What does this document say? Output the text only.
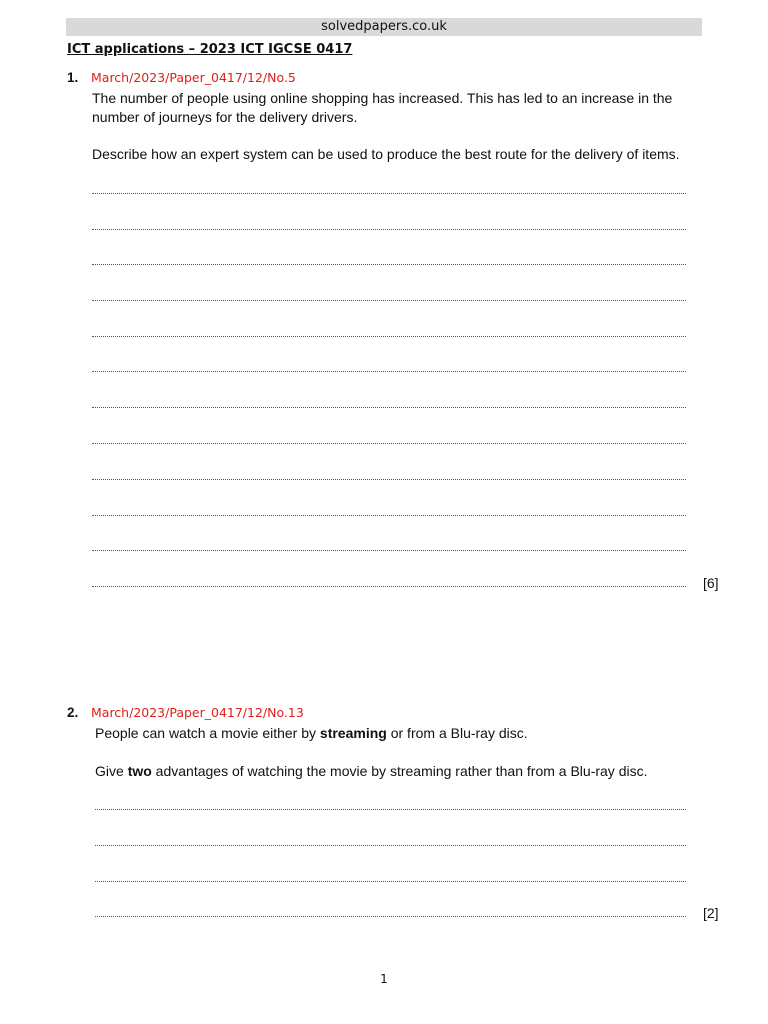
solvedpapers.co.uk
ICT applications – 2023 ICT IGCSE 0417
1. March/2023/Paper_0417/12/No.5
The number of people using online shopping has increased. This has led to an increase in the
number of journeys for the delivery drivers.
Describe how an expert system can be used to produce the best route for the delivery of items.
[6]
2. March/2023/Paper_0417/12/No.13
People can watch a movie either by streaming or from a Blu-ray disc.
Give two advantages of watching the movie by streaming rather than from a Blu-ray disc.
[2]
1
